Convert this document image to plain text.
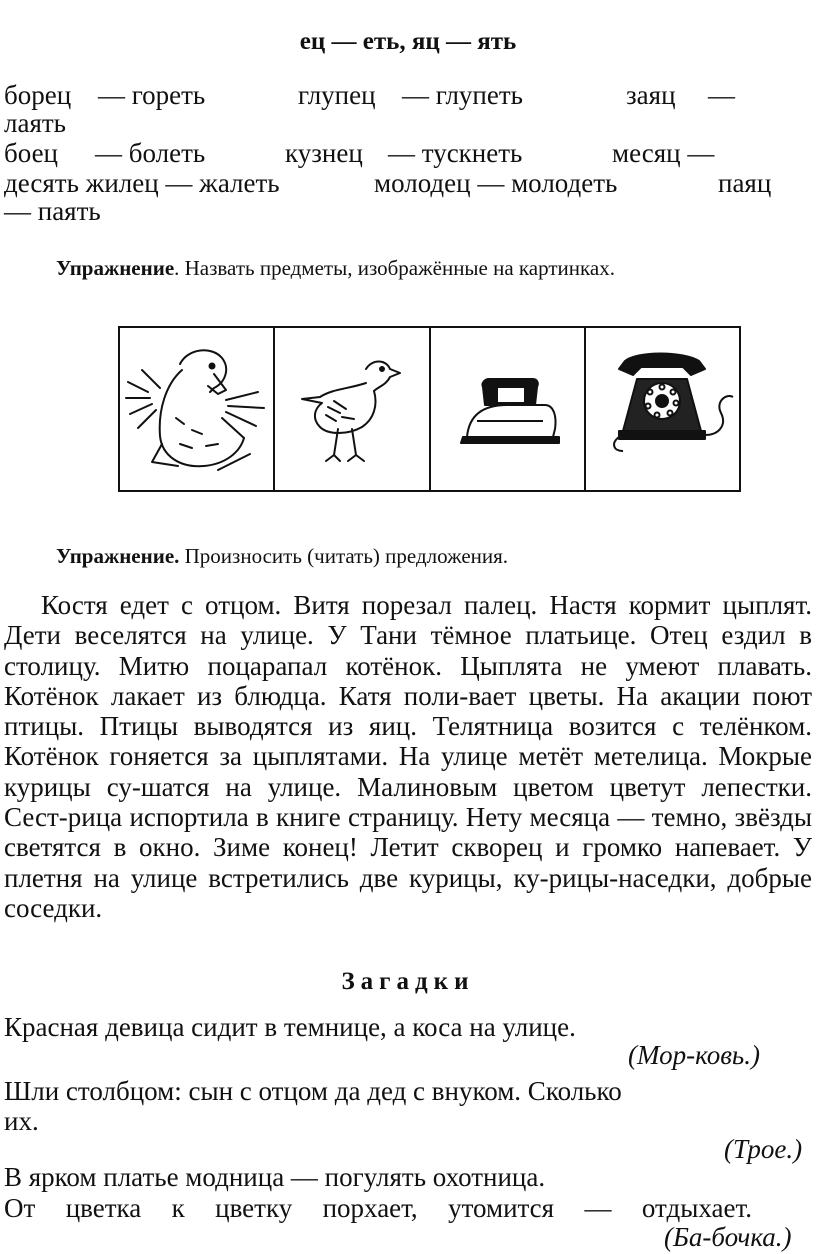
ец — еть, яц — ять
борец — гореть	глупец — глупеть	заяц —
лаять
боец — болеть	кузнец — тускнеть	месяц —
десять жилец — жалеть	молодец — молодеть	паяц
— паять
Упражнение. Назвать предметы, изображённые на картинках.
Упражнение. Произносить (читать) предложения.

Костя едет с отцом. Витя порезал палец. Настя кормит цыплят. Дети веселятся на улице. У Тани тёмное платьице. Отец ездил в столицу. Митю поцарапал котёнок. Цыплята не умеют плавать. Котёнок лакает из блюдца. Катя поли-вает цветы. На акации поют птицы. Птицы выводятся из яиц. Телятница возится с телёнком. Котёнок гоняется за цыплятами. На улице метёт метелица. Мокрые курицы су-шатся на улице. Малиновым цветом цветут лепестки. Сест-рица испортила в книге страницу. Нету месяца — темно, звёзды светятся в окно. Зиме конец! Летит скворец и громко напевает. У плетня на улице встретились две курицы, ку-рицы-наседки, добрые соседки.

Загадки
Красная девица сидит в темнице, а коса на улице.
(Мор-ковь.)
Шли столбцом: сын с отцом да дед с внуком. Сколько
их.
(Трое.)
В ярком платье модница — погулять охотница.
От цветка к цветку порхает, утомится — отдыхает.
(Ба-бочка.)
